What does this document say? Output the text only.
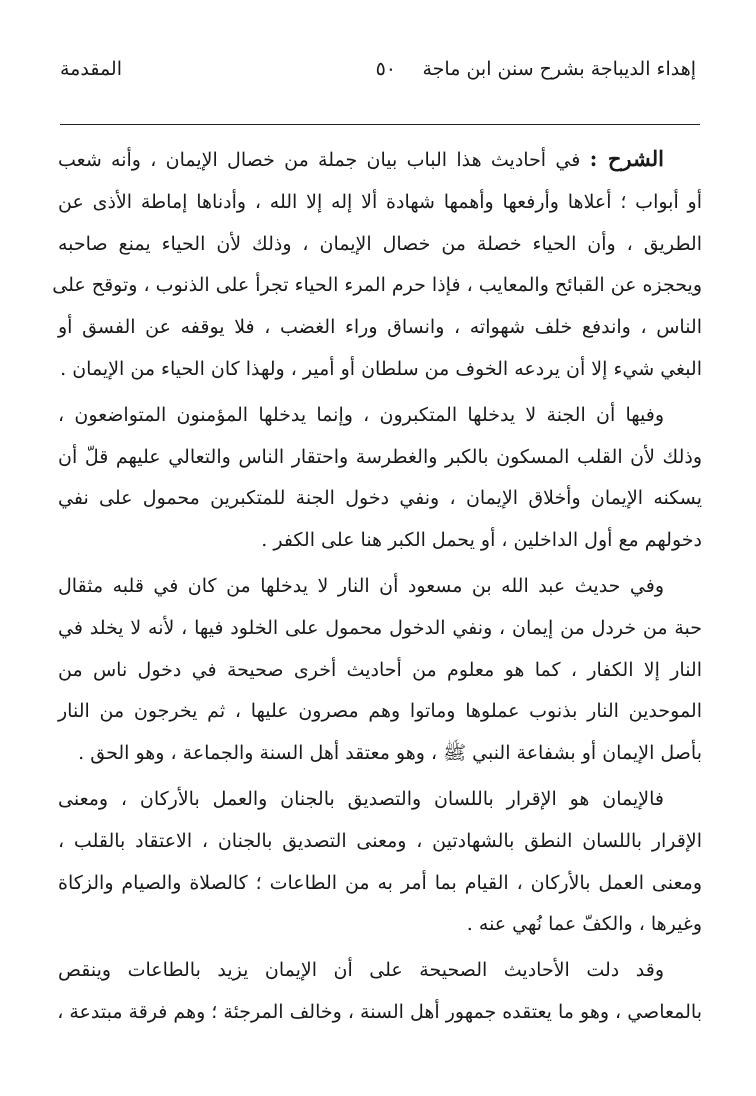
إهداء الديباجة بشرح سنن ابن ماجة
٥٠
المقدمة

الشرح : في أحاديث هذا الباب بيان جملة من خصال الإيمان ، وأنه شعب
أو أبواب ؛ أعلاها وأرفعها وأهمها شهادة ألا إله إلا الله ، وأدناها إماطة الأذى عن
الطريق ، وأن الحياء خصلة من خصال الإيمان ، وذلك لأن الحياء يمنع صاحبه
ويحجزه عن القبائح والمعايب ، فإذا حرم المرء الحياء تجرأ على الذنوب ، وتوقح على
الناس ، واندفع خلف شهواته ، وانساق وراء الغضب ، فلا يوقفه عن الفسق أو
البغي شيء إلا أن يردعه الخوف من سلطان أو أمير ، ولهذا كان الحياء من الإيمان .

وفيها أن الجنة لا يدخلها المتكبرون ، وإنما يدخلها المؤمنون المتواضعون ،
وذلك لأن القلب المسكون بالكبر والغطرسة واحتقار الناس والتعالي عليهم قلّ أن
يسكنه الإيمان وأخلاق الإيمان ، ونفي دخول الجنة للمتكبرين محمول على نفي
دخولهم مع أول الداخلين ، أو يحمل الكبر هنا على الكفر .

وفي حديث عبد الله بن مسعود أن النار لا يدخلها من كان في قلبه مثقال
حبة من خردل من إيمان ، ونفي الدخول محمول على الخلود فيها ، لأنه لا يخلد في
النار إلا الكفار ، كما هو معلوم من أحاديث أخرى صحيحة في دخول ناس من
الموحدين النار بذنوب عملوها وماتوا وهم مصرون عليها ، ثم يخرجون من النار
بأصل الإيمان أو بشفاعة النبي ﷺ ، وهو معتقد أهل السنة والجماعة ، وهو الحق .

فالإيمان هو الإقرار باللسان والتصديق بالجنان والعمل بالأركان ، ومعنى
الإقرار باللسان النطق بالشهادتين ، ومعنى التصديق بالجنان ، الاعتقاد بالقلب ،
ومعنى العمل بالأركان ، القيام بما أمر به من الطاعات ؛ كالصلاة والصيام والزكاة
وغيرها ، والكفّ عما نُهي عنه .

وقد دلت الأحاديث الصحيحة على أن الإيمان يزيد بالطاعات وينقص
بالمعاصي ، وهو ما يعتقده جمهور أهل السنة ، وخالف المرجئة ؛ وهم فرقة مبتدعة ،
